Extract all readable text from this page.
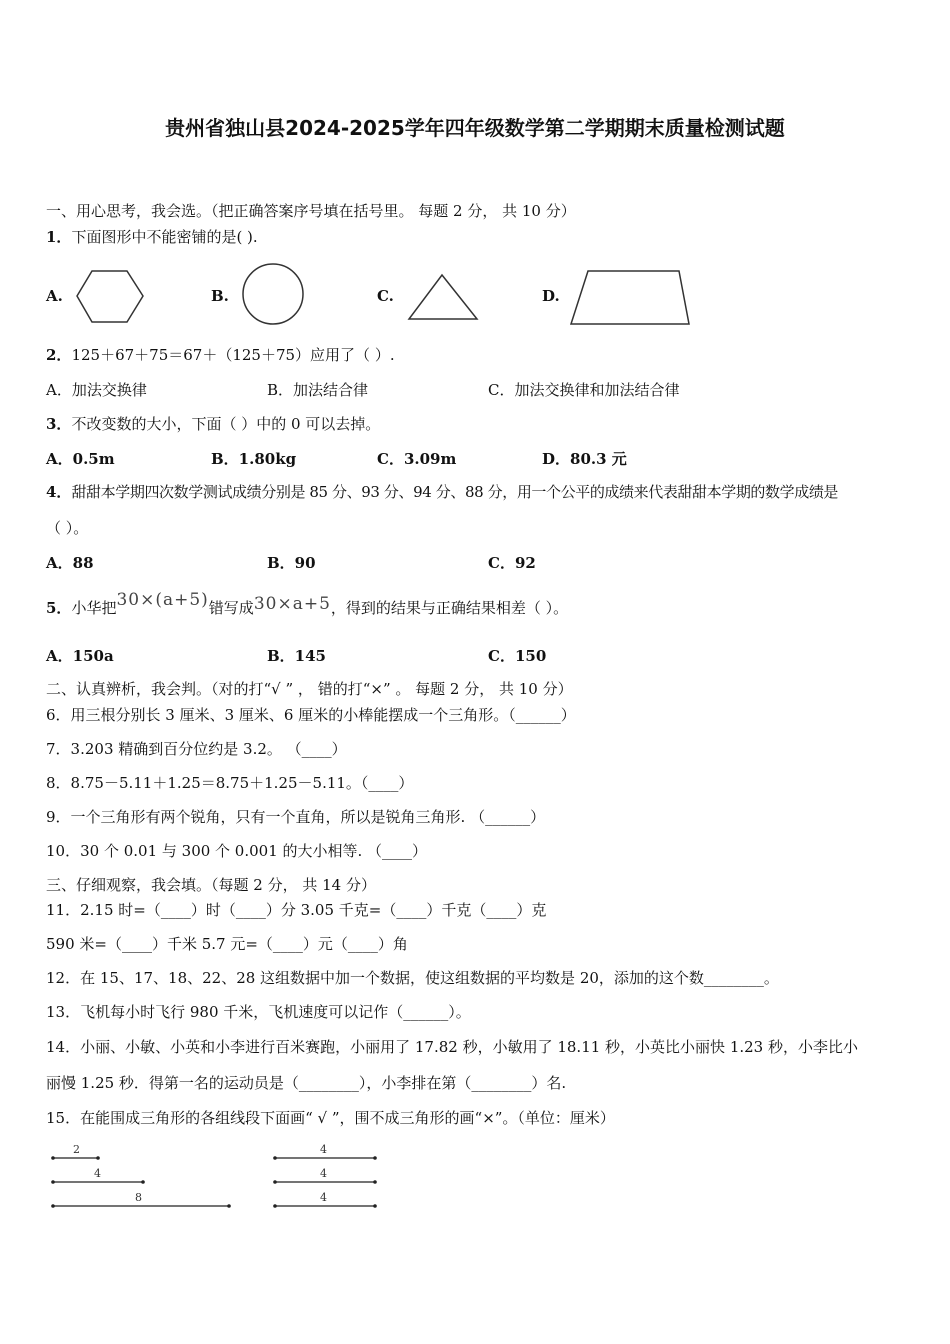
贵州省独山县2024-2025学年四年级数学第二学期期末质量检测试题
一、用心思考，我会选。（把正确答案序号填在括号里。 每题 2 分， 共 10 分）
1．下面图形中不能密铺的是( ).
A.	B.	C.	D.
2．125＋67＋75＝67＋（125＋75）应用了（ ）.
A．加法交换律	B．加法结合律	C．加法交换律和加法结合律
3．不改变数的大小，下面（ ）中的 0 可以去掉。
A．0.5m	B．1.80kg	C．3.09m	D．80.3 元
4．甜甜本学期四次数学测试成绩分别是 85 分、93 分、94 分、88 分，用一个公平的成绩来代表甜甜本学期的数学成绩是
（ ）。
A．88	B．90	C．92
5．小华把30×(a+5)错写成30×a+5，得到的结果与正确结果相差（ ）。
A．150a	B．145	C．150
二、认真辨析，我会判。（对的打“√ ” ， 错的打“×” 。 每题 2 分， 共 10 分）
6．用三根分别长 3 厘米、3 厘米、6 厘米的小棒能摆成一个三角形。（______）
7．3.203 精确到百分位约是 3.2。 （____）
8．8.75－5.11＋1.25＝8.75＋1.25－5.11。（____）
9．一个三角形有两个锐角，只有一个直角，所以是锐角三角形. （______）
10．30 个 0.01 与 300 个 0.001 的大小相等. （____）
三、仔细观察，我会填。（每题 2 分， 共 14 分）
11．2.15 时=（____）时（____）分 3.05 千克=（____）千克（____）克
590 米=（____）千米 5.7 元=（____）元（____）角
12．在 15、17、18、22、28 这组数据中加一个数据，使这组数据的平均数是 20，添加的这个数________。
13．飞机每小时飞行 980 千米，飞机速度可以记作（______）。
14．小丽、小敏、小英和小李进行百米赛跑，小丽用了 17.82 秒，小敏用了 18.11 秒，小英比小丽快 1.23 秒，小李比小
丽慢 1.25 秒．得第一名的运动员是（________），小李排在第（________）名.
15．在能围成三角形的各组线段下面画“ √ ”，围不成三角形的画“×”。（单位：厘米）
2
4
8
4
4
4
